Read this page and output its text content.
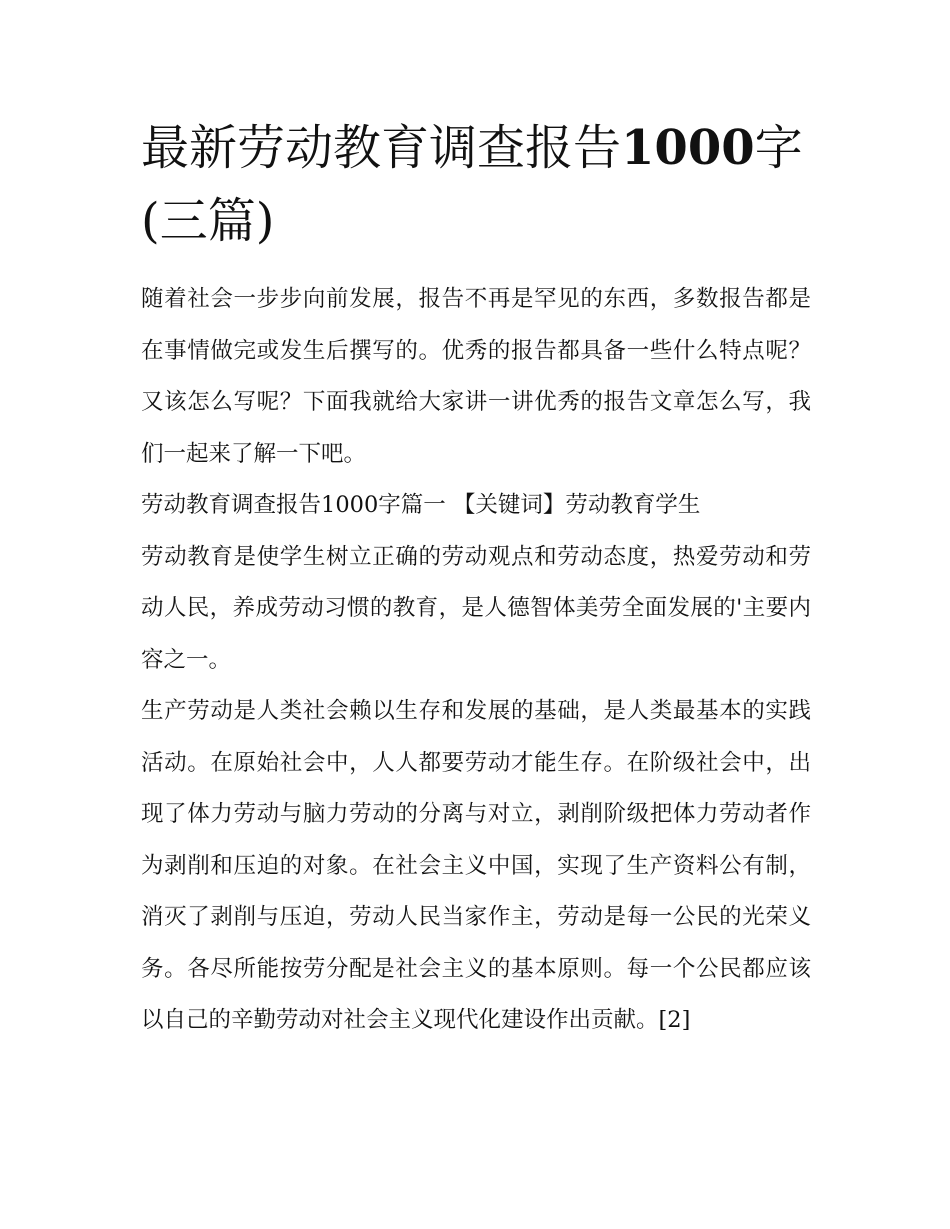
最新劳动教育调查报告1000字(三篇)

随着社会一步步向前发展，报告不再是罕见的东西，多数报告都是在事情做完或发生后撰写的。优秀的报告都具备一些什么特点呢？又该怎么写呢？下面我就给大家讲一讲优秀的报告文章怎么写，我们一起来了解一下吧。

劳动教育调查报告1000字篇一 【关键词】劳动教育学生

劳动教育是使学生树立正确的劳动观点和劳动态度，热爱劳动和劳动人民，养成劳动习惯的教育，是人德智体美劳全面发展的'主要内容之一。

生产劳动是人类社会赖以生存和发展的基础，是人类最基本的实践活动。在原始社会中，人人都要劳动才能生存。在阶级社会中，出现了体力劳动与脑力劳动的分离与对立，剥削阶级把体力劳动者作为剥削和压迫的对象。在社会主义中国，实现了生产资料公有制，消灭了剥削与压迫，劳动人民当家作主，劳动是每一公民的光荣义务。各尽所能按劳分配是社会主义的基本原则。每一个公民都应该以自己的辛勤劳动对社会主义现代化建设作出贡献。[2]
